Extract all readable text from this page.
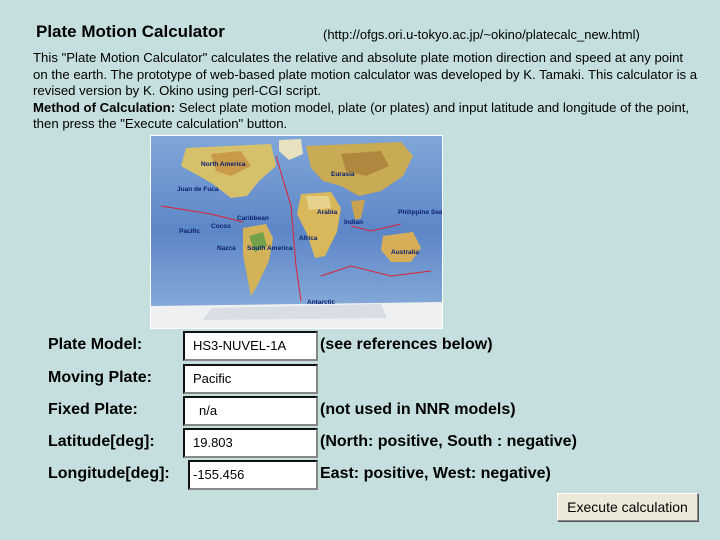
Plate Motion Calculator	(http://ofgs.ori.u-tokyo.ac.jp/~okino/platecalc_new.html)

This "Plate Motion Calculator" calculates the relative and absolute plate motion direction and speed at any point on the earth. The prototype of web-based plate motion calculator was developed by K. Tamaki. This calculator is a revised version by K. Okino using perl-CGI script.

Method of Calculation: Select plate motion model, plate (or plates) and input latitude and longitude of the point, then press the "Execute calculation" button.

North America
Eurasia
Juan de Fuca
Arabia	Philippine Sea
Caribbean
Cocos
Indian
Pacific
Africa
Nazca South America
Australia
Antarctic
Plate Model:	HS3-NUVEL-1A	(see references below)
Moving Plate:	Pacific
Fixed Plate:	n/a	(not used in NNR models)
Latitude[deg]:	19.803	(North: positive, South : negative)
Longitude[deg]:	-155.456	East: positive, West: negative)
Execute calculation
